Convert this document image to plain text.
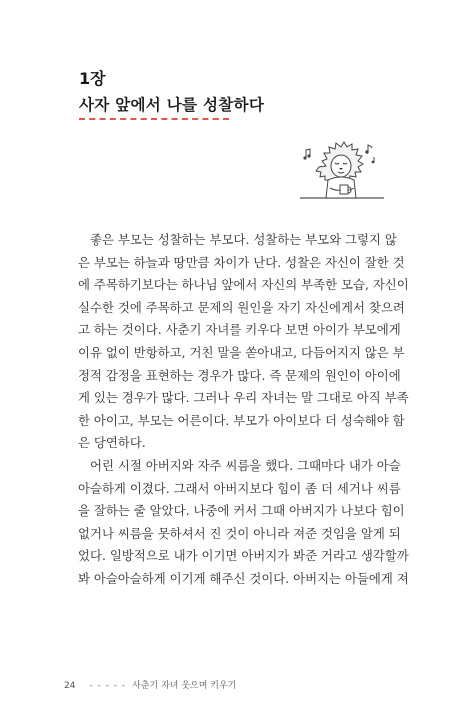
1장
사자 앞에서 나를 성찰하다
좋은 부모는 성찰하는 부모다. 성찰하는 부모와 그렇지 않
은 부모는 하늘과 땅만큼 차이가 난다. 성찰은 자신이 잘한 것
에 주목하기보다는 하나님 앞에서 자신의 부족한 모습, 자신이
실수한 것에 주목하고 문제의 원인을 자기 자신에게서 찾으려
고 하는 것이다. 사춘기 자녀를 키우다 보면 아이가 부모에게
이유 없이 반항하고, 거친 말을 쏟아내고, 다듬어지지 않은 부
정적 감정을 표현하는 경우가 많다. 즉 문제의 원인이 아이에
게 있는 경우가 많다. 그러나 우리 자녀는 말 그대로 아직 부족
한 아이고, 부모는 어른이다. 부모가 아이보다 더 성숙해야 함
은 당연하다.
어린 시절 아버지와 자주 씨름을 했다. 그때마다 내가 아슬
아슬하게 이겼다. 그래서 아버지보다 힘이 좀 더 세거나 씨름
을 잘하는 줄 알았다. 나중에 커서 그때 아버지가 나보다 힘이
없거나 씨름을 못하셔서 진 것이 아니라 져준 것임을 알게 되
었다. 일방적으로 내가 이기면 아버지가 봐준 거라고 생각할까
봐 아슬아슬하게 이기게 해주신 것이다. 아버지는 아들에게 져
24 - - - - - 사춘기 자녀 웃으며 키우기
